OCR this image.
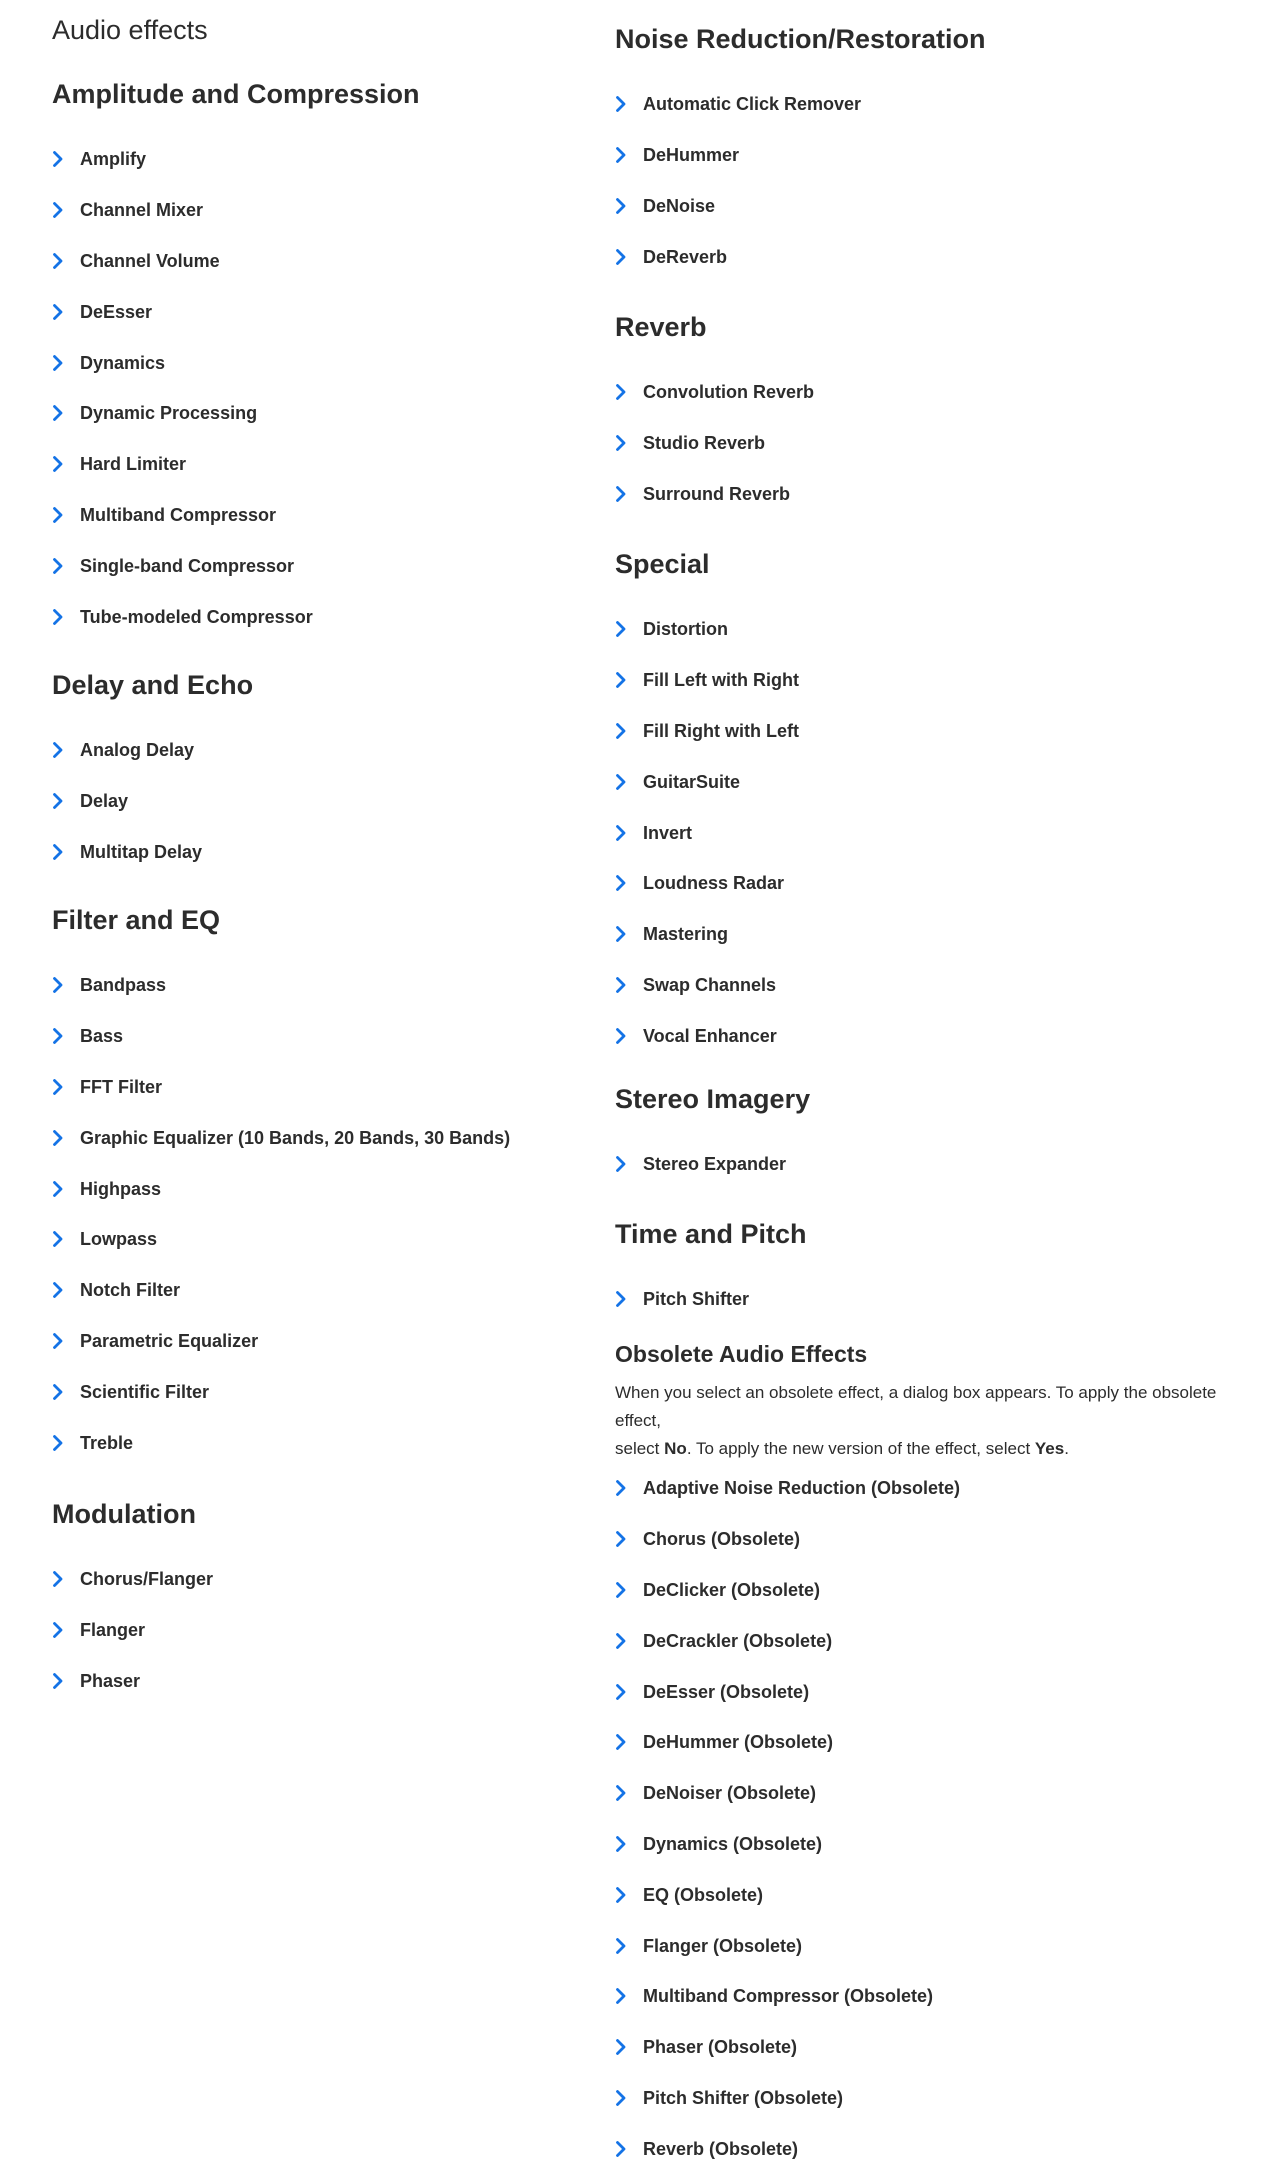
Audio effects
Amplitude and Compression
Amplify
Channel Mixer
Channel Volume
DeEsser
Dynamics
Dynamic Processing
Hard Limiter
Multiband Compressor
Single-band Compressor
Tube-modeled Compressor
Delay and Echo
Analog Delay
Delay
Multitap Delay
Filter and EQ
Bandpass
Bass
FFT Filter
Graphic Equalizer (10 Bands, 20 Bands, 30 Bands)
Highpass
Lowpass
Notch Filter
Parametric Equalizer
Scientific Filter
Treble
Modulation
Chorus/Flanger
Flanger
Phaser
Noise Reduction/Restoration
Automatic Click Remover
DeHummer
DeNoise
DeReverb
Reverb
Convolution Reverb
Studio Reverb
Surround Reverb
Special
Distortion
Fill Left with Right
Fill Right with Left
GuitarSuite
Invert
Loudness Radar
Mastering
Swap Channels
Vocal Enhancer
Stereo Imagery
Stereo Expander
Time and Pitch
Pitch Shifter
Obsolete Audio Effects

When you select an obsolete effect, a dialog box appears. To apply the obsolete effect,
select No. To apply the new version of the effect, select Yes.

Adaptive Noise Reduction (Obsolete)
Chorus (Obsolete)
DeClicker (Obsolete)
DeCrackler (Obsolete)
DeEsser (Obsolete)
DeHummer (Obsolete)
DeNoiser (Obsolete)
Dynamics (Obsolete)
EQ (Obsolete)
Flanger (Obsolete)
Multiband Compressor (Obsolete)
Phaser (Obsolete)
Pitch Shifter (Obsolete)
Reverb (Obsolete)
